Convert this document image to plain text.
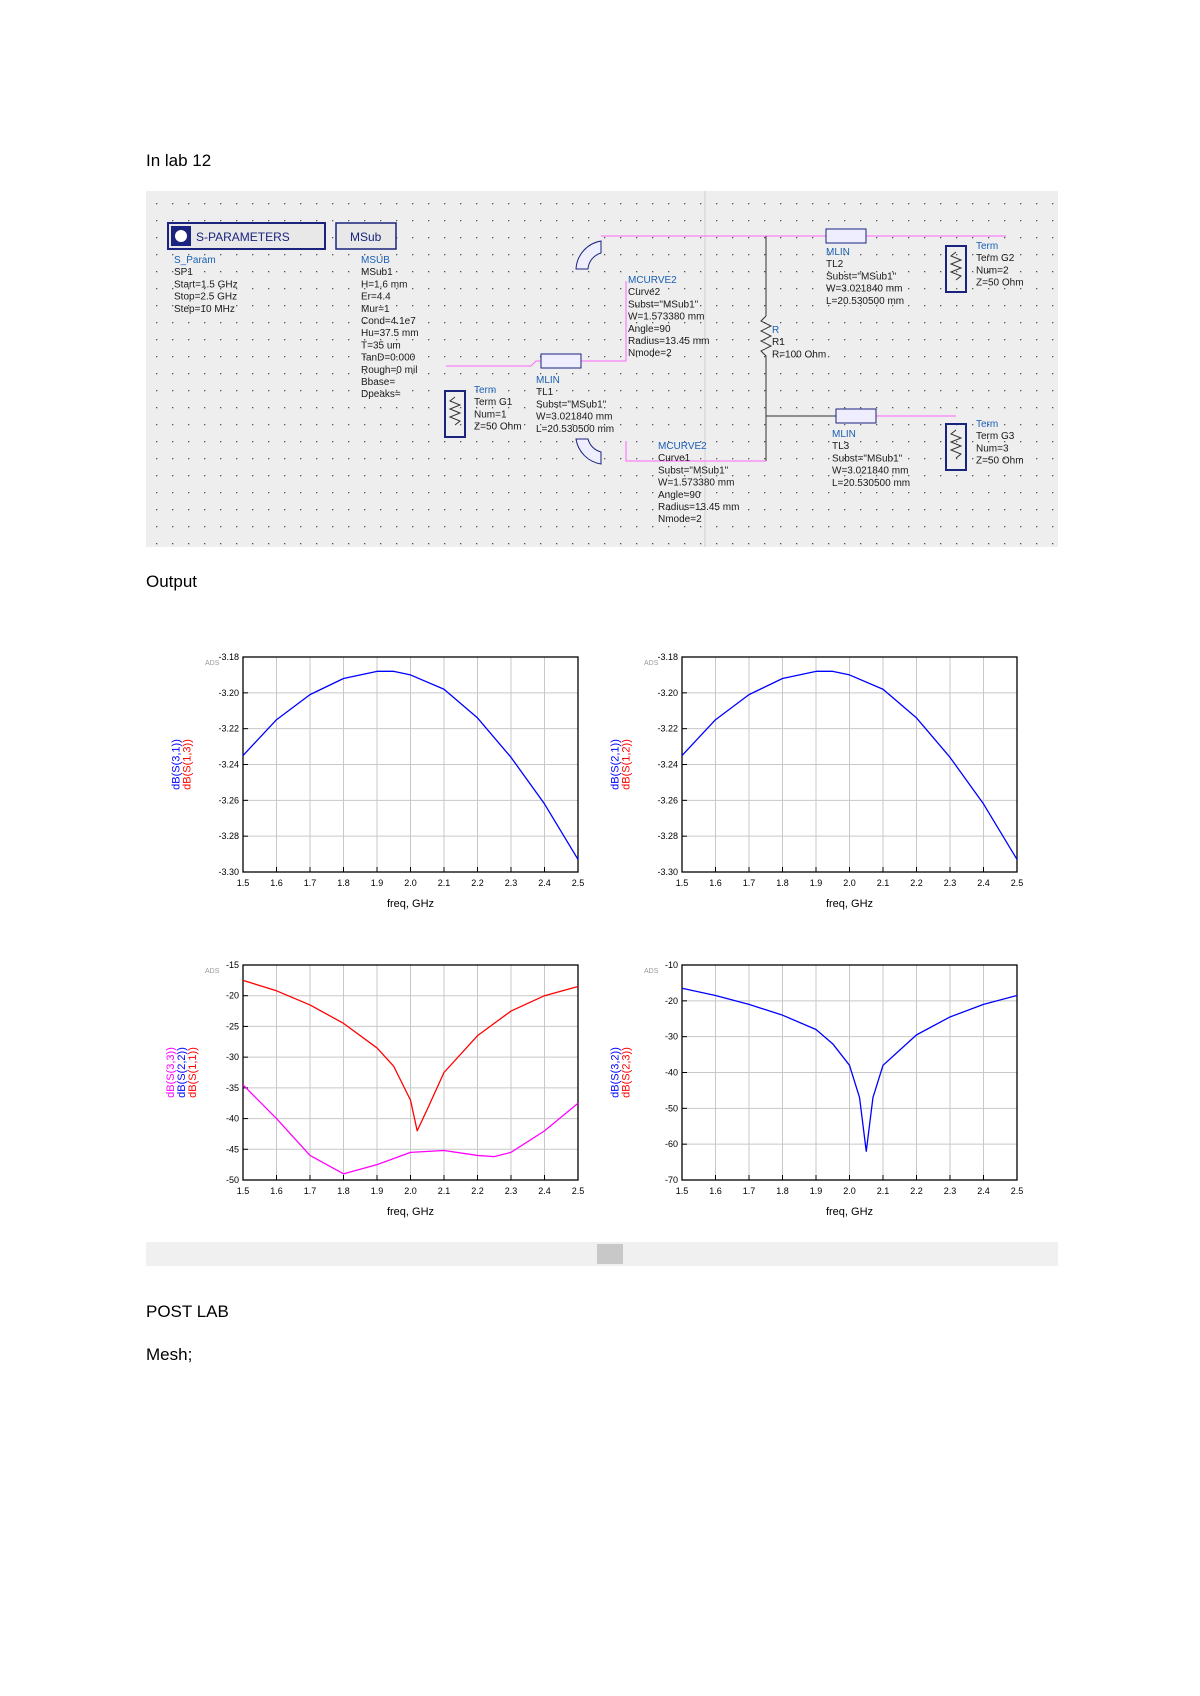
In lab 12
S-PARAMETERS	MSub
S_Param
SP1
Start=1.5 GHz
Stop=2.5 GHz
Step=10 MHz
MSUB
MSub1
H=1.6 mm
Er=4.4
Mur=1
Cond=4.1e7
Hu=37.5 mm
T=35 um
TanD=0.000
Rough=0 mil
Bbase=
Dpeaks=	Term
Term G1
Num=1
Z=50 Ohm
MLIN
TL1
Subst="MSub1"
W=3.021840 mm
L=20.530500 mm
MCURVE2
Curve2
Subst="MSub1"
W=1.573380 mm
Angle=90
Radius=13.45 mm
Nmode=2
MCURVE2
Curve1
Subst="MSub1"
W=1.573380 mm
Angle=90
Radius=13.45 mm
Nmode=2
R
R1
R=100 Ohm
MLIN
TL2
Subst="MSub1"
W=3.021840 mm
L=20.530500 mm
MLIN
TL3
Subst="MSub1"
W=3.021840 mm
L=20.530500 mm
Term
Term G2
Num=2
Z=50 Ohm
Term
Term G3
Num=3
Z=50 Ohm
Output
1.5 1.6 1.7 1.8 1.9 2.0 2.1 2.2 2.3 2.4 2.5
-3.18
-3.20
-3.22
-3.24
-3.26
-3.28
-3.30
ADS
freq, GHz
dB(S(3,1)) dB(S(1,3))
1.5 1.6 1.7 1.8 1.9 2.0 2.1 2.2 2.3 2.4 2.5
-3.18
-3.20
-3.22
-3.24
-3.26
-3.28
-3.30
ADS
freq, GHz
dB(S(2,1)) dB(S(1,2))
1.5 1.6 1.7 1.8 1.9 2.0 2.1 2.2 2.3 2.4 2.5
-15
-20
-25
-30
-35
-40
-45
-50
ADS
freq, GHz
dB(S(3,3)) dB(S(2,2)) dB(S(1,1))
1.5 1.6 1.7 1.8 1.9 2.0 2.1 2.2 2.3 2.4 2.5
-10
-20
-30
-40
-50
-60
-70
ADS
freq, GHz
dB(S(3,2)) dB(S(2,3))
POST LAB
Mesh;
